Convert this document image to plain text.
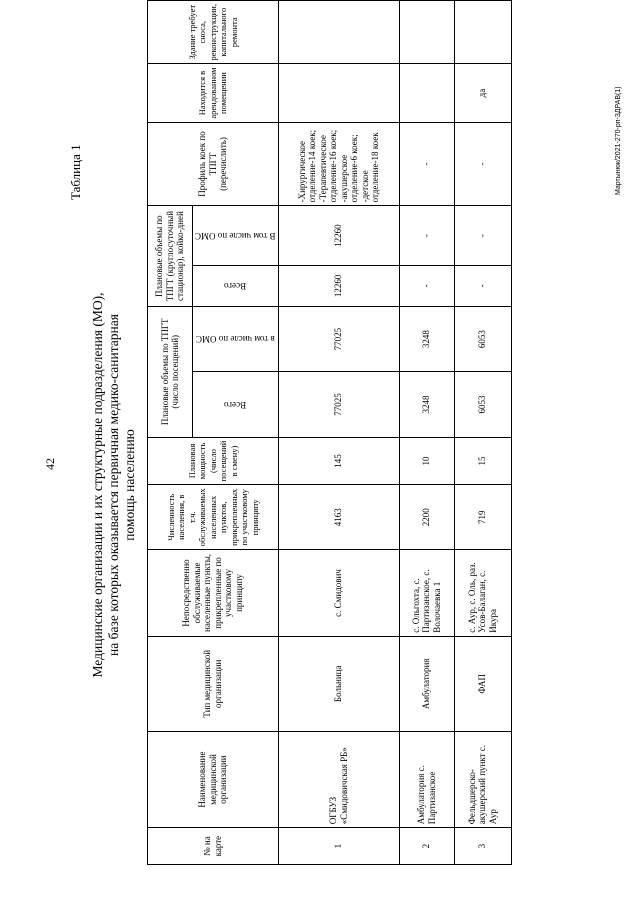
42
Таблица 1
Медицинские организации и их структурные подразделения (МО), на базе которых оказывается первичная медико-санитарная помощь населению
№ на карте	Наименование медицинской организации	Тип медицинской организации	Непосредственно обслуживаемые населенные пункты, прикрепленные по участковому принципу	Численность населения, в т.ч. обслуживаемых населенных пунктов, прикрепленных по участковому принципу	Плановая мощность (число посещений в смену)	Плановые объемы по ТПГТ (число посещений)		Плановые объемы по ТПГТ (круглосуточный стационар), койко-дней		Профиль коек по ТПГТ (перечислить)	Находится в арендованном помещении	Здание требует сноса, реконструкции, капитального ремонта

						Всего	в том числе по ОМС	Всего	В том числе по ОМС			

1	ОГБУЗ «Смидовичская РБ»	Больница	с. Смидович	4163	145	77025	77025	12260	12260	-Хирургическое отделение-14 коек; -Терапевтическое отделение-16 коек; -акушерское отделение-6 коек; -детское отделение-18 коек		
2	Амбулатория с. Партизанское	Амбулатория	с. Ольгохта, с. Партизанское, с. Волочаевка 1	2200	10	3248	3248	-	-	-		
3	Фельдшерско-акушерский пункт с. Аур	ФАП	с. Аур, с. Оль, раз. Усов-Балаган, с. Икура	719	15	6053	6053	-	-	-	да		Мартынюк/2021-270-рп-3ДРАВ(1)
